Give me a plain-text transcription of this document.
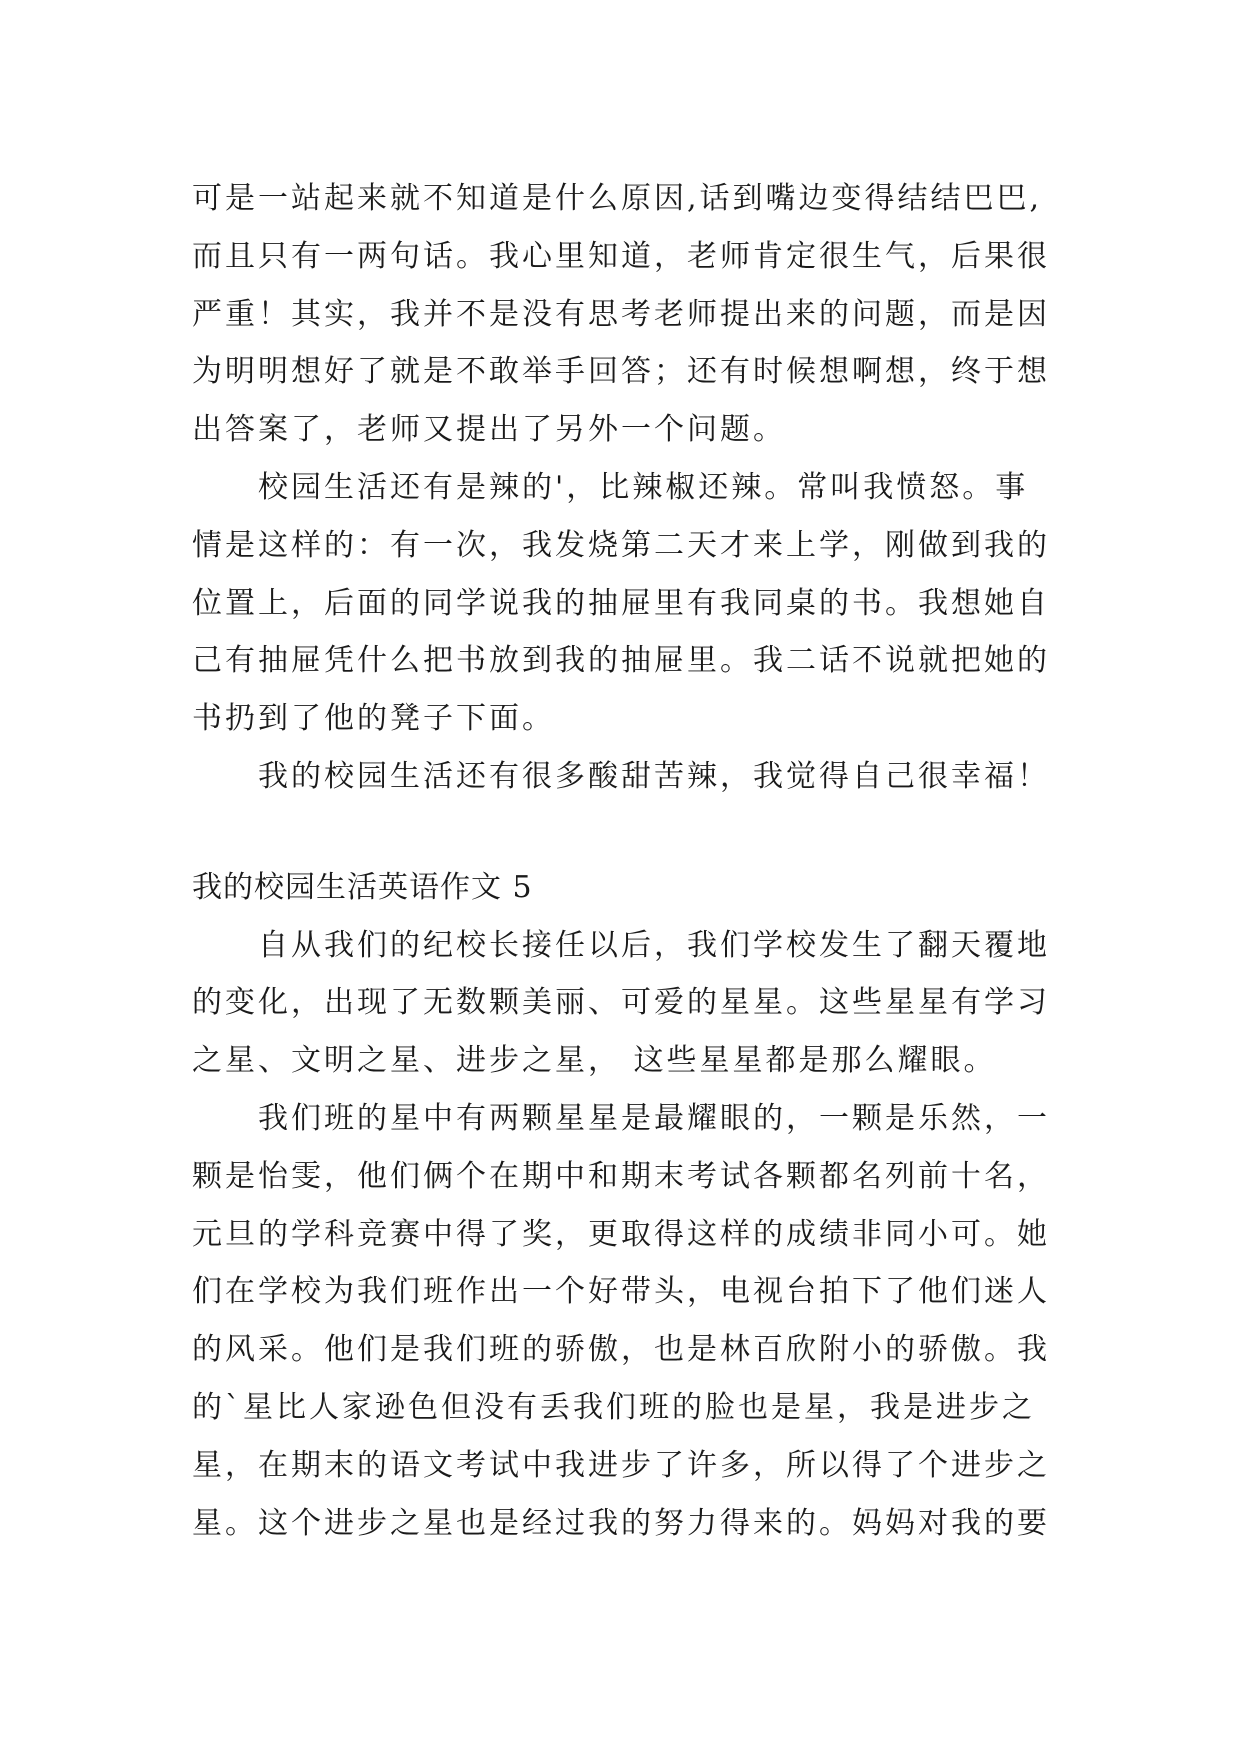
可是一站起来就不知道是什么原因,话到嘴边变得结结巴巴,
而且只有一两句话。我心里知道，老师肯定很生气，后果很
严重！其实，我并不是没有思考老师提出来的问题，而是因
为明明想好了就是不敢举手回答；还有时候想啊想，终于想
出答案了，老师又提出了另外一个问题。
校园生活还有是辣的'，比辣椒还辣。常叫我愤怒。事
情是这样的：有一次，我发烧第二天才来上学，刚做到我的
位置上，后面的同学说我的抽屉里有我同桌的书。我想她自
己有抽屉凭什么把书放到我的抽屉里。我二话不说就把她的
书扔到了他的凳子下面。
我的校园生活还有很多酸甜苦辣，我觉得自己很幸福！
我的校园生活英语作文 5
自从我们的纪校长接任以后，我们学校发生了翻天覆地
的变化，出现了无数颗美丽、可爱的星星。这些星星有学习
之星、文明之星、进步之星， 这些星星都是那么耀眼。
我们班的星中有两颗星星是最耀眼的，一颗是乐然，一
颗是怡雯，他们俩个在期中和期末考试各颗都名列前十名，
元旦的学科竞赛中得了奖，更取得这样的成绩非同小可。她
们在学校为我们班作出一个好带头，电视台拍下了他们迷人
的风采。他们是我们班的骄傲，也是林百欣附小的骄傲。我
的`星比人家逊色但没有丢我们班的脸也是星，我是进步之
星，在期末的语文考试中我进步了许多，所以得了个进步之
星。这个进步之星也是经过我的努力得来的。妈妈对我的要
